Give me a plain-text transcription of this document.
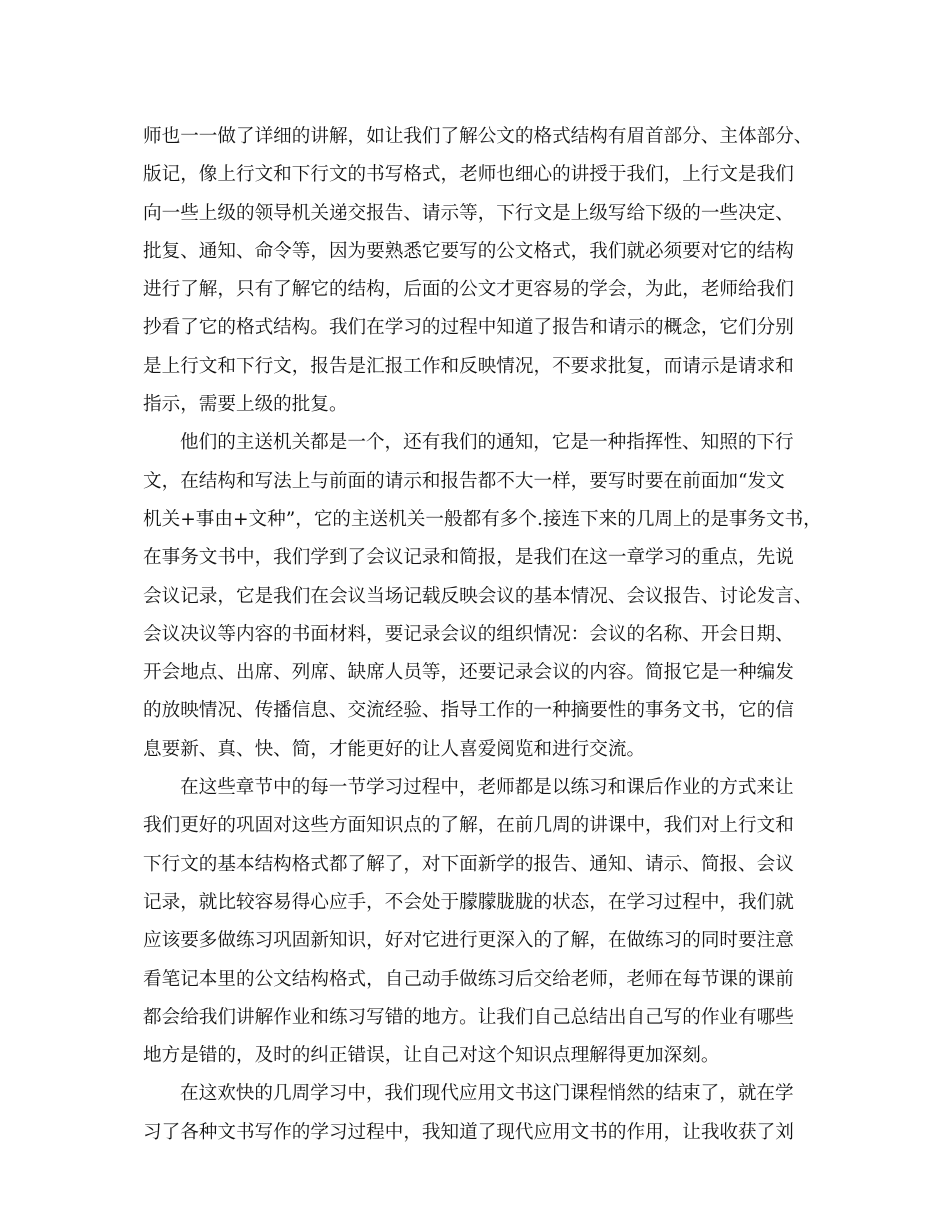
师也一一做了详细的讲解，如让我们了解公文的格式结构有眉首部分、主体部分、
版记，像上行文和下行文的书写格式，老师也细心的讲授于我们，上行文是我们
向一些上级的领导机关递交报告、请示等，下行文是上级写给下级的一些决定、
批复、通知、命令等，因为要熟悉它要写的公文格式，我们就必须要对它的结构
进行了解，只有了解它的结构，后面的公文才更容易的学会，为此，老师给我们
抄看了它的格式结构。我们在学习的过程中知道了报告和请示的概念，它们分别
是上行文和下行文，报告是汇报工作和反映情况，不要求批复，而请示是请求和
指示，需要上级的批复。
他们的主送机关都是一个，还有我们的通知，它是一种指挥性、知照的下行
文，在结构和写法上与前面的请示和报告都不大一样，要写时要在前面加“发文
机关+事由+文种”，它的主送机关一般都有多个.接连下来的几周上的是事务文书，
在事务文书中，我们学到了会议记录和简报，是我们在这一章学习的重点，先说
会议记录，它是我们在会议当场记载反映会议的基本情况、会议报告、讨论发言、
会议决议等内容的书面材料，要记录会议的组织情况：会议的名称、开会日期、
开会地点、出席、列席、缺席人员等，还要记录会议的内容。简报它是一种编发
的放映情况、传播信息、交流经验、指导工作的一种摘要性的事务文书，它的信
息要新、真、快、简，才能更好的让人喜爱阅览和进行交流。
在这些章节中的每一节学习过程中，老师都是以练习和课后作业的方式来让
我们更好的巩固对这些方面知识点的了解，在前几周的讲课中，我们对上行文和
下行文的基本结构格式都了解了，对下面新学的报告、通知、请示、简报、会议
记录，就比较容易得心应手，不会处于朦朦胧胧的状态，在学习过程中，我们就
应该要多做练习巩固新知识，好对它进行更深入的了解，在做练习的同时要注意
看笔记本里的公文结构格式，自己动手做练习后交给老师，老师在每节课的课前
都会给我们讲解作业和练习写错的地方。让我们自己总结出自己写的作业有哪些
地方是错的，及时的纠正错误，让自己对这个知识点理解得更加深刻。
在这欢快的几周学习中，我们现代应用文书这门课程悄然的结束了，就在学
习了各种文书写作的学习过程中，我知道了现代应用文书的作用，让我收获了刘
